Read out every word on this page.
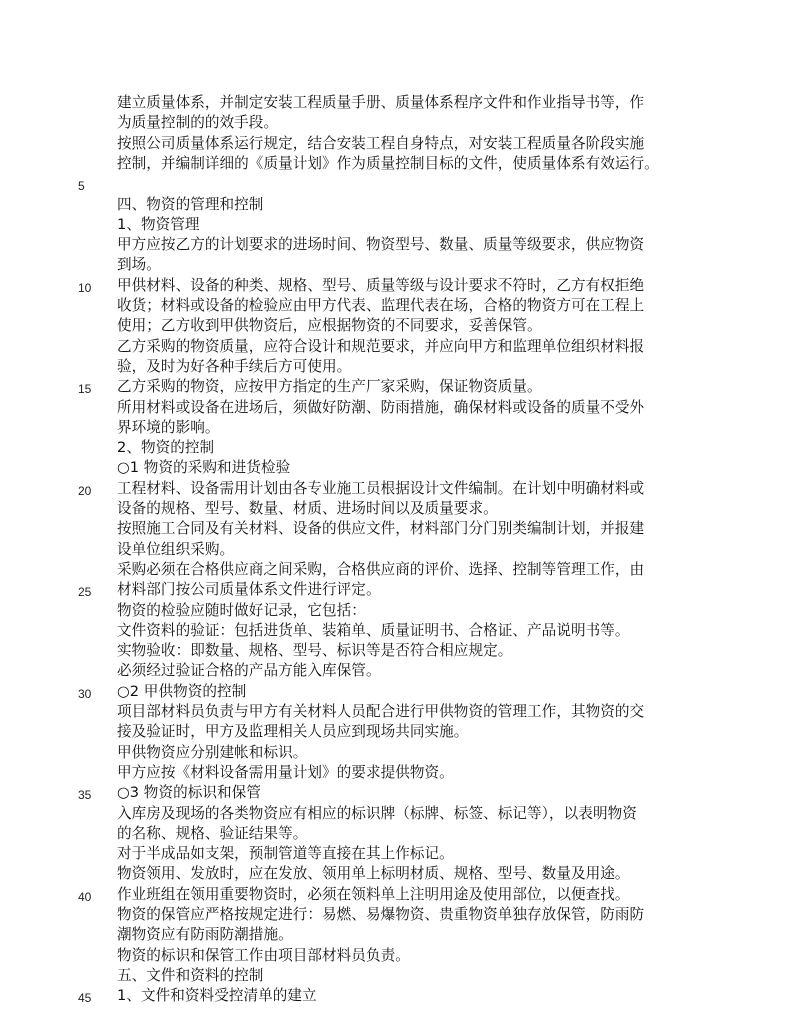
建立质量体系，并制定安装工程质量手册、质量体系程序文件和作业指导书等，作
为质量控制的的效手段。
按照公司质量体系运行规定，结合安装工程自身特点，对安装工程质量各阶段实施
控制，并编制详细的《质量计划》作为质量控制目标的文件，使质量体系有效运行。
5
四、物资的管理和控制
1、物资管理
甲方应按乙方的计划要求的进场时间、物资型号、数量、质量等级要求，供应物资
到场。
甲供材料、设备的种类、规格、型号、质量等级与设计要求不符时，乙方有权拒绝
10
收货；材料或设备的检验应由甲方代表、监理代表在场，合格的物资方可在工程上
使用；乙方收到甲供物资后，应根据物资的不同要求，妥善保管。
乙方采购的物资质量，应符合设计和规范要求，并应向甲方和监理单位组织材料报
验，及时为好各种手续后方可使用。
乙方采购的物资，应按甲方指定的生产厂家采购，保证物资质量。
15
所用材料或设备在进场后，须做好防潮、防雨措施，确保材料或设备的质量不受外
界环境的影响。
2、物资的控制
○1 物资的采购和进货检验
工程材料、设备需用计划由各专业施工员根据设计文件编制。在计划中明确材料或
20
设备的规格、型号、数量、材质、进场时间以及质量要求。
按照施工合同及有关材料、设备的供应文件，材料部门分门别类编制计划，并报建
设单位组织采购。
采购必须在合格供应商之间采购，合格供应商的评价、选择、控制等管理工作，由
材料部门按公司质量体系文件进行评定。
25
物资的检验应随时做好记录，它包括：
文件资料的验证：包括进货单、装箱单、质量证明书、合格证、产品说明书等。
实物验收：即数量、规格、型号、标识等是否符合相应规定。
必须经过验证合格的产品方能入库保管。
○2 甲供物资的控制
30
项目部材料员负责与甲方有关材料人员配合进行甲供物资的管理工作，其物资的交
接及验证时，甲方及监理相关人员应到现场共同实施。
甲供物资应分别建帐和标识。
甲方应按《材料设备需用量计划》的要求提供物资。
○3 物资的标识和保管
35
入库房及现场的各类物资应有相应的标识牌（标牌、标签、标记等），以表明物资
的名称、规格、验证结果等。
对于半成品如支架，预制管道等直接在其上作标记。
物资领用、发放时，应在发放、领用单上标明材质、规格、型号、数量及用途。
作业班组在领用重要物资时，必须在领料单上注明用途及使用部位，以便查找。
40
物资的保管应严格按规定进行：易燃、易爆物资、贵重物资单独存放保管，防雨防
潮物资应有防雨防潮措施。
物资的标识和保管工作由项目部材料员负责。
五、文件和资料的控制
1、文件和资料受控清单的建立
45
